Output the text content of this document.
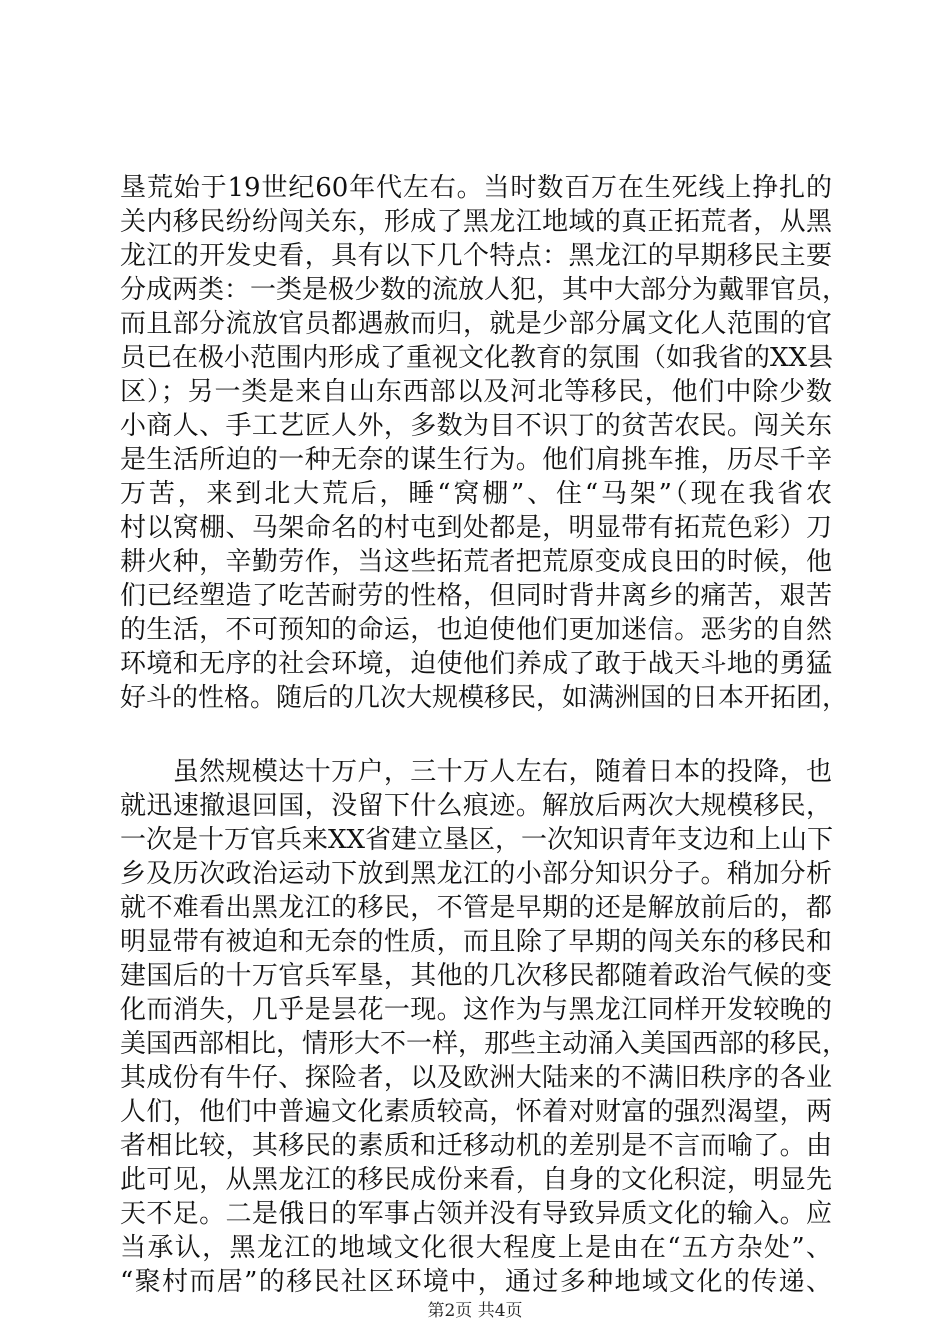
垦荒始于19世纪60年代左右。当时数百万在生死线上挣扎的
关内移民纷纷闯关东，形成了黑龙江地域的真正拓荒者，从黑
龙江的开发史看，具有以下几个特点：黑龙江的早期移民主要
分成两类：一类是极少数的流放人犯，其中大部分为戴罪官员，
而且部分流放官员都遇赦而归，就是少部分属文化人范围的官
员已在极小范围内形成了重视文化教育的氛围（如我省的XX县
区）；另一类是来自山东西部以及河北等移民，他们中除少数
小商人、手工艺匠人外，多数为目不识丁的贫苦农民。闯关东
是生活所迫的一种无奈的谋生行为。他们肩挑车推，历尽千辛
万苦，来到北大荒后，睡“窝棚”、住“马架”（现在我省农
村以窝棚、马架命名的村屯到处都是，明显带有拓荒色彩）刀
耕火种，辛勤劳作，当这些拓荒者把荒原变成良田的时候，他
们已经塑造了吃苦耐劳的性格，但同时背井离乡的痛苦，艰苦
的生活，不可预知的命运，也迫使他们更加迷信。恶劣的自然
环境和无序的社会环境，迫使他们养成了敢于战天斗地的勇猛
好斗的性格。随后的几次大规模移民，如满洲国的日本开拓团，
　　虽然规模达十万户，三十万人左右，随着日本的投降，也
就迅速撤退回国，没留下什么痕迹。解放后两次大规模移民，
一次是十万官兵来XX省建立垦区，一次知识青年支边和上山下
乡及历次政治运动下放到黑龙江的小部分知识分子。稍加分析
就不难看出黑龙江的移民，不管是早期的还是解放前后的，都
明显带有被迫和无奈的性质，而且除了早期的闯关东的移民和
建国后的十万官兵军垦，其他的几次移民都随着政治气候的变
化而消失，几乎是昙花一现。这作为与黑龙江同样开发较晚的
美国西部相比，情形大不一样，那些主动涌入美国西部的移民，
其成份有牛仔、探险者，以及欧洲大陆来的不满旧秩序的各业
人们，他们中普遍文化素质较高，怀着对财富的强烈渴望，两
者相比较，其移民的素质和迁移动机的差别是不言而喻了。由
此可见，从黑龙江的移民成份来看，自身的文化积淀，明显先
天不足。二是俄日的军事占领并没有导致异质文化的输入。应
当承认，黑龙江的地域文化很大程度上是由在“五方杂处”、
“聚村而居”的移民社区环境中，通过多种地域文化的传递、
第2页 共4页
